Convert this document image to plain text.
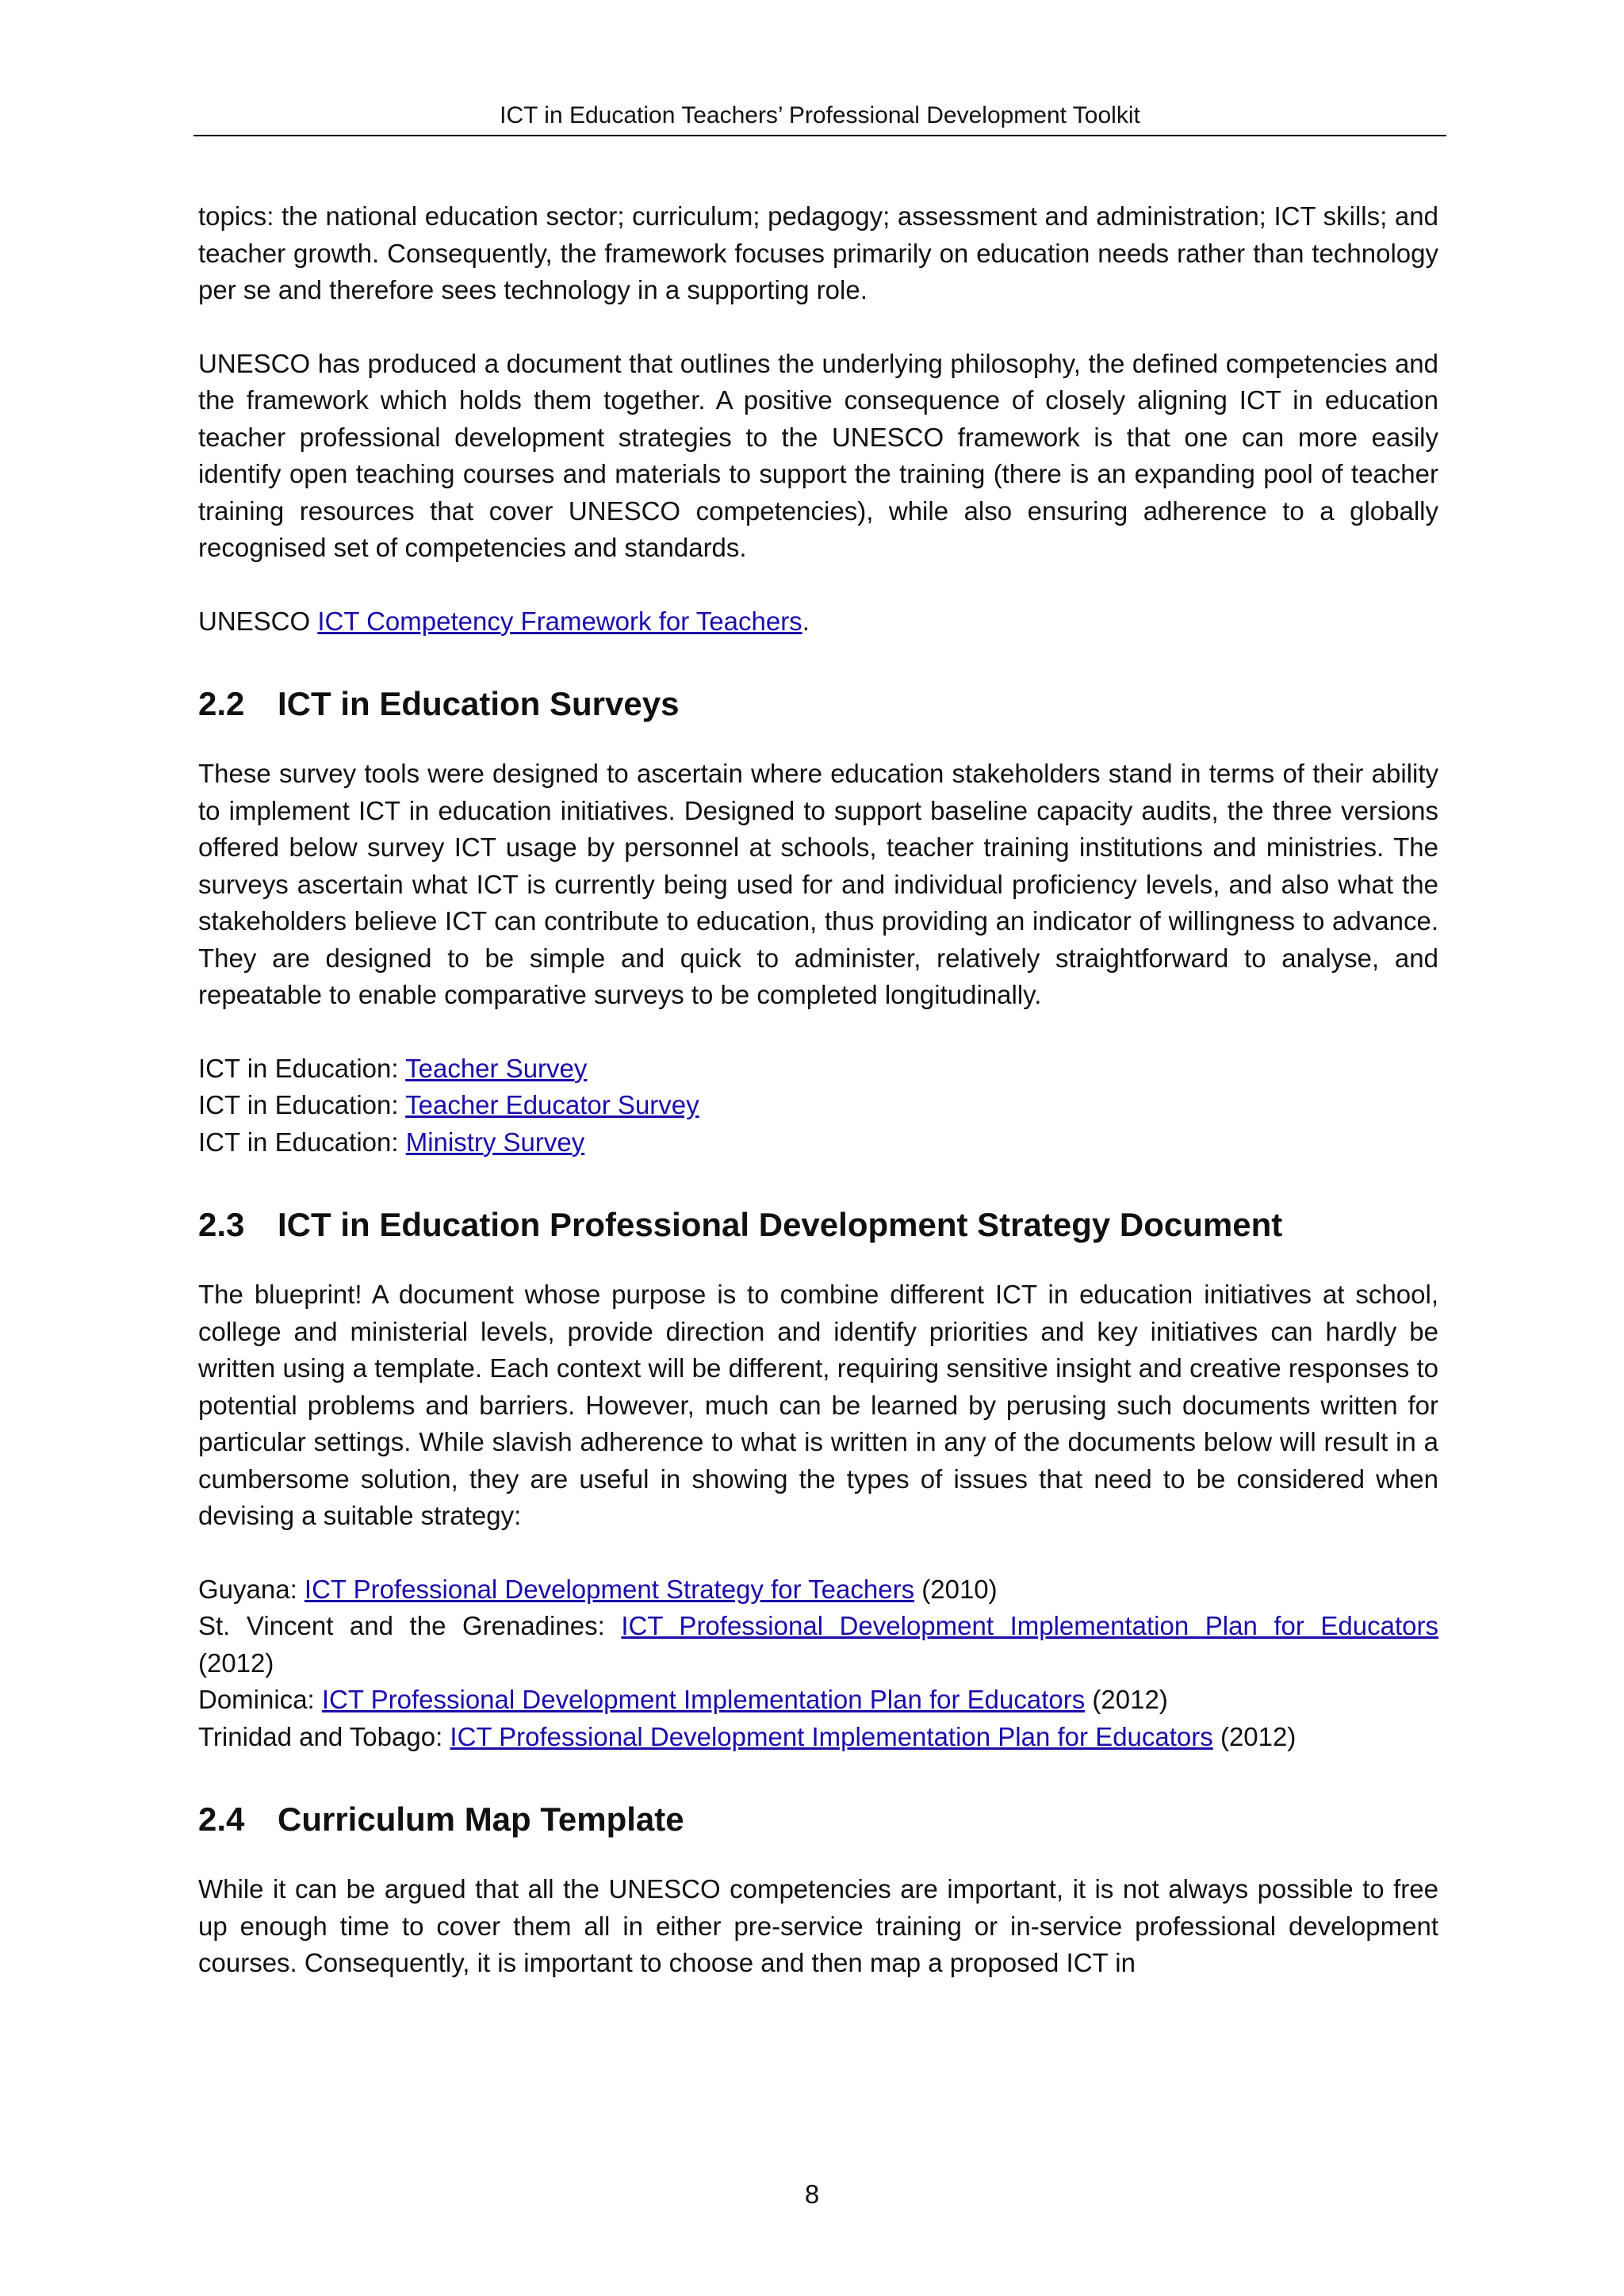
ICT in Education Teachers’ Professional Development Toolkit

topics: the national education sector; curriculum; pedagogy; assessment and administration; ICT skills; and teacher growth. Consequently, the framework focuses primarily on education needs rather than technology per se and therefore sees technology in a supporting role.

UNESCO has produced a document that outlines the underlying philosophy, the defined competencies and the framework which holds them together. A positive consequence of closely aligning ICT in education teacher professional development strategies to the UNESCO framework is that one can more easily identify open teaching courses and materials to support the training (there is an expanding pool of teacher training resources that cover UNESCO competencies), while also ensuring adherence to a globally recognised set of competencies and standards.

UNESCO ICT Competency Framework for Teachers.

2.2 ICT in Education Surveys

These survey tools were designed to ascertain where education stakeholders stand in terms of their ability to implement ICT in education initiatives. Designed to support baseline capacity audits, the three versions offered below survey ICT usage by personnel at schools, teacher training institutions and ministries. The surveys ascertain what ICT is currently being used for and individual proficiency levels, and also what the stakeholders believe ICT can contribute to education, thus providing an indicator of willingness to advance. They are designed to be simple and quick to administer, relatively straightforward to analyse, and repeatable to enable comparative surveys to be completed longitudinally.

ICT in Education: Teacher Survey
ICT in Education: Teacher Educator Survey
ICT in Education: Ministry Survey
2.3 ICT in Education Professional Development Strategy Document

The blueprint! A document whose purpose is to combine different ICT in education initiatives at school, college and ministerial levels, provide direction and identify priorities and key initiatives can hardly be written using a template. Each context will be different, requiring sensitive insight and creative responses to potential problems and barriers. However, much can be learned by perusing such documents written for particular settings. While slavish adherence to what is written in any of the documents below will result in a cumbersome solution, they are useful in showing the types of issues that need to be considered when devising a suitable strategy:

Guyana: ICT Professional Development Strategy for Teachers (2010)
St. Vincent and the Grenadines: ICT Professional Development Implementation Plan for Educators
(2012)
Dominica: ICT Professional Development Implementation Plan for Educators (2012)
Trinidad and Tobago: ICT Professional Development Implementation Plan for Educators (2012)
2.4 Curriculum Map Template

While it can be argued that all the UNESCO competencies are important, it is not always possible to free up enough time to cover them all in either pre-service training or in-service professional development courses. Consequently, it is important to choose and then map a proposed ICT in

8
